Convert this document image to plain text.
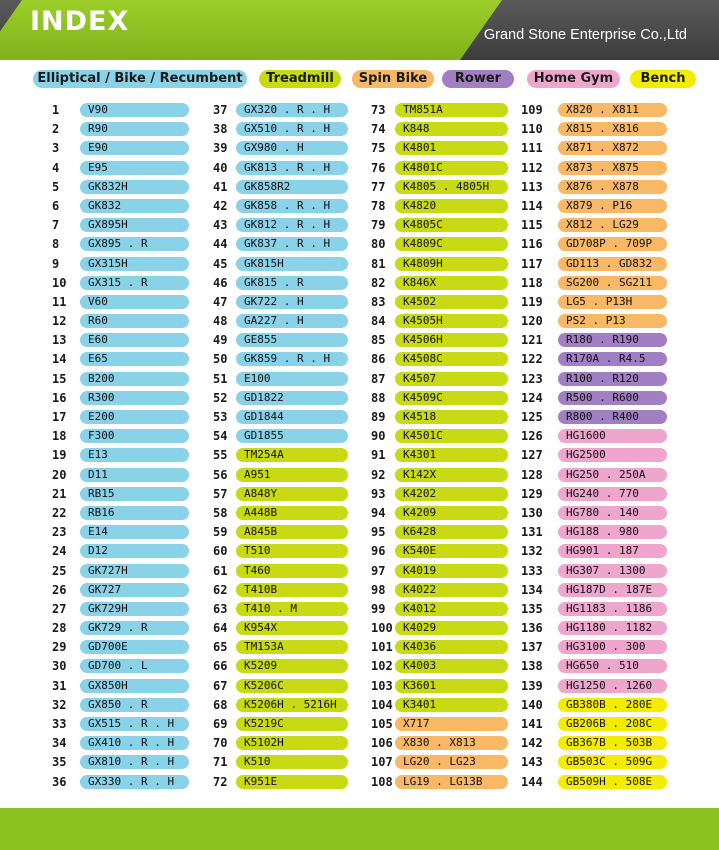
INDEX	Grand Stone Enterprise Co.,Ltd
Elliptical / Bike / Recumbent	Treadmill	Spin Bike	Rower	Home Gym	Bench
1	V90
2	R90
3	E90
4	E95
5	GK832H
6	GK832
7	GX895H
8	GX895 . R
9	GX315H
10	GX315 . R
11	V60
12	R60
13	E60
14	E65
15	B200
16	R300
17	E200
18	F300
19	E13
20	D11
21	RB15
22	RB16
23	E14
24	D12
25	GK727H
26	GK727
27	GK729H
28	GK729 . R
29	GD700E
30	GD700 . L
31	GX850H
32	GX850 . R
33	GX515 . R . H
34	GX410 . R . H
35	GX810 . R . H
36	GX330 . R . H
37	GX320 . R . H
38	GX510 . R . H
39	GX980 . H
40	GK813 . R . H
41	GK858R2
42	GK858 . R . H
43	GK812 . R . H
44	GK837 . R . H
45	GK815H
46	GK815 . R
47	GK722 . H
48	GA227 . H
49	GE855
50	GK859 . R . H
51	E100
52	GD1822
53	GD1844
54	GD1855
55	TM254A
56	A951
57	A848Y
58	A448B
59	A845B
60	T510
61	T460
62	T410B
63	T410 . M
64	K954X
65	TM153A
66	K5209
67	K5206C
68	K5206H . 5216H
69	K5219C
70	K5102H
71	K510
72	K951E
73	TM851A
74	K848
75	K4801
76	K4801C
77	K4805 . 4805H
78	K4820
79	K4805C
80	K4809C
81	K4809H
82	K846X
83	K4502
84	K4505H
85	K4506H
86	K4508C
87	K4507
88	K4509C
89	K4518
90	K4501C
91	K4301
92	K142X
93	K4202
94	K4209
95	K6428
96	K540E
97	K4019
98	K4022
99	K4012
100 K4029
101 K4036
102 K4003
103 K3601
104 K3401
105 X717
106 X830 . X813
107 LG20 . LG23
108 LG19 . LG13B
109	X820 . X811
110	X815 . X816
111	X871 . X872
112	X873 . X875
113	X876 . X878
114	X879 . P16
115	X812 . LG29
116	GD708P . 709P
117	GD113 . GD832
118	SG200 . SG211
119	LG5 . P13H
120	PS2 . P13
121	R180 . R190
122	R170A . R4.5
123	R100 . R120
124	R500 . R600
125	R800 . R400
126	HG1600
127	HG2500
128	HG250 . 250A
129	HG240 . 770
130	HG780 . 140
131	HG188 . 980
132	HG901 . 187
133	HG307 . 1300
134	HG187D . 187E
135	HG1183 . 1186
136	HG1180 . 1182
137	HG3100 . 300
138	HG650 . 510
139	HG1250 . 1260
140	GB380B . 280E
141	GB206B . 208C
142	GB367B . 503B
143	GB503C . 509G
144	GB509H . 508E
